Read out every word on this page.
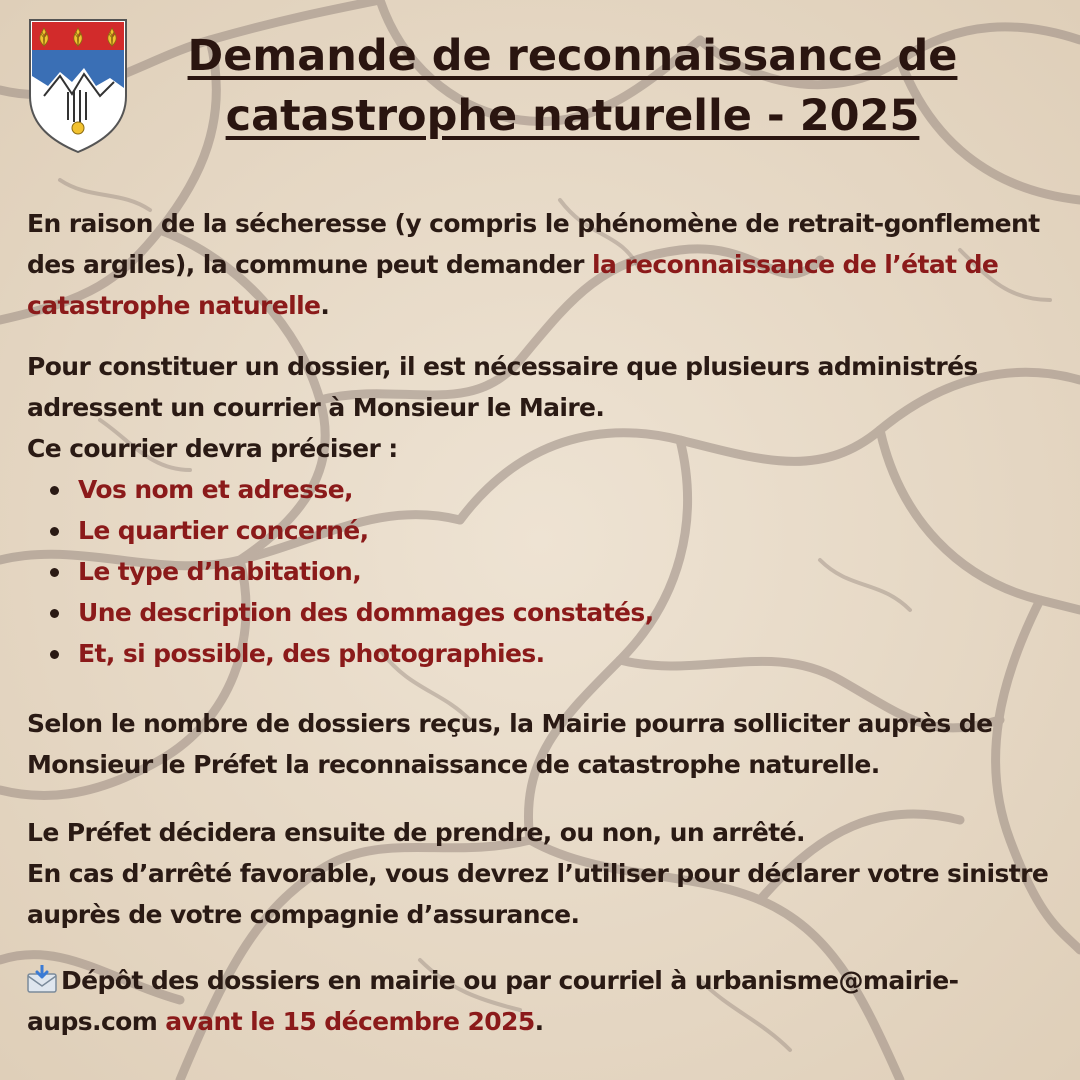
Demande de reconnaissance de catastrophe naturelle - 2025

En raison de la sécheresse (y compris le phénomène de retrait-gonflement des argiles), la commune peut demander la reconnaissance de l’état de catastrophe naturelle.

Pour constituer un dossier, il est nécessaire que plusieurs administrés adressent un courrier à Monsieur le Maire.

Ce courrier devra préciser :

Vos nom et adresse,
Le quartier concerné,
Le type d’habitation,
Une description des dommages constatés,
Et, si possible, des photographies.

Selon le nombre de dossiers reçus, la Mairie pourra solliciter auprès de Monsieur le Préfet la reconnaissance de catastrophe naturelle.

Le Préfet décidera ensuite de prendre, ou non, un arrêté.

En cas d’arrêté favorable, vous devrez l’utiliser pour déclarer votre sinistre auprès de votre compagnie d’assurance.

Dépôt des dossiers en mairie ou par courriel à urbanisme@mairie-aups.com avant le 15 décembre 2025.
